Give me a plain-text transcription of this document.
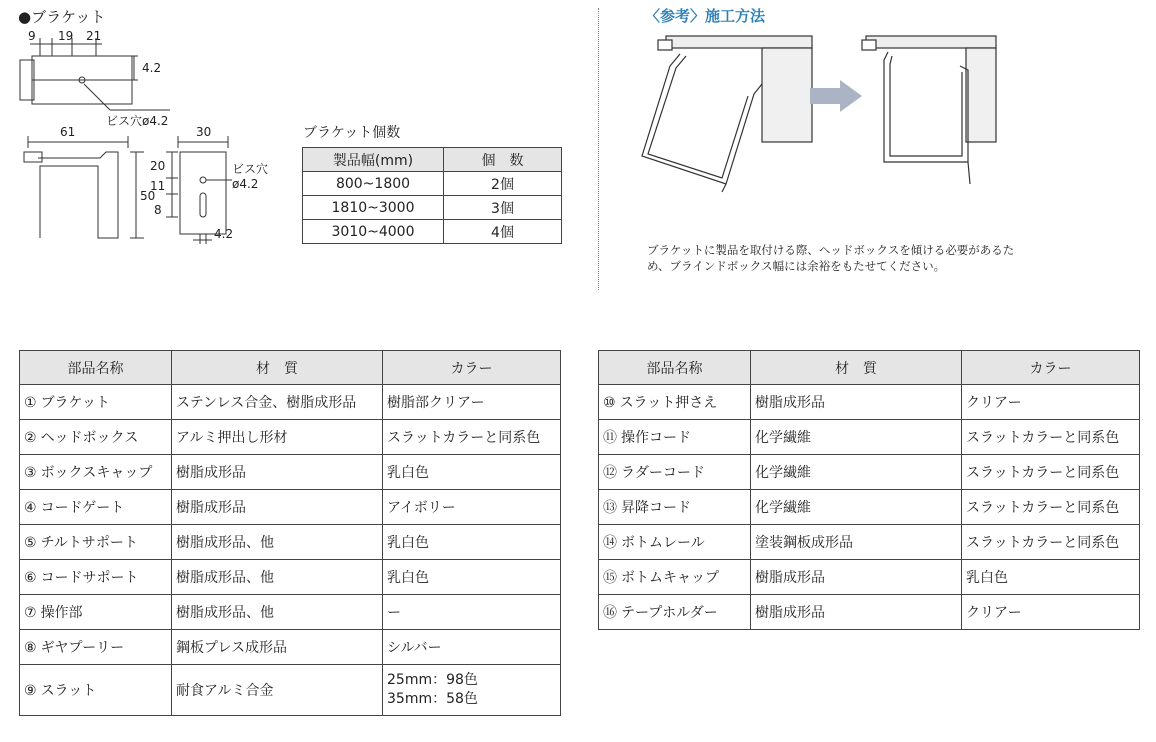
●ブラケット
9 19 21
4.2
ビス穴ø4.2
61
50
30
20
11
8
4.2
ビス穴
ø4.2
ブラケット個数
製品幅(mm)	個　数
800~1800	2個
1810~3000	3個
3010~4000	4個
〈参考〉施工方法
ブラケットに製品を取付ける際、ヘッドボックスを傾ける必要があるため、ブラインドボックス幅には余裕をもたせてください。
部品名称	材　質	カラー
① ブラケット	ステンレス合金、樹脂成形品	樹脂部クリアー
② ヘッドボックス	アルミ押出し形材	スラットカラーと同系色
③ ボックスキャップ	樹脂成形品	乳白色
④ コードゲート	樹脂成形品	アイボリー
⑤ チルトサポート	樹脂成形品、他	乳白色
⑥ コードサポート	樹脂成形品、他	乳白色
⑦ 操作部	樹脂成形品、他	ー
⑧ ギヤプーリー	鋼板プレス成形品	シルバー
⑨ スラット	耐食アルミ合金	25mm：98色
35mm：58色
部品名称	材　質	カラー
⑩ スラット押さえ	樹脂成形品	クリアー
⑪ 操作コード	化学繊維	スラットカラーと同系色
⑫ ラダーコード	化学繊維	スラットカラーと同系色
⑬ 昇降コード	化学繊維	スラットカラーと同系色
⑭ ボトムレール	塗装鋼板成形品	スラットカラーと同系色
⑮ ボトムキャップ	樹脂成形品	乳白色
⑯ テープホルダー	樹脂成形品	クリアー
